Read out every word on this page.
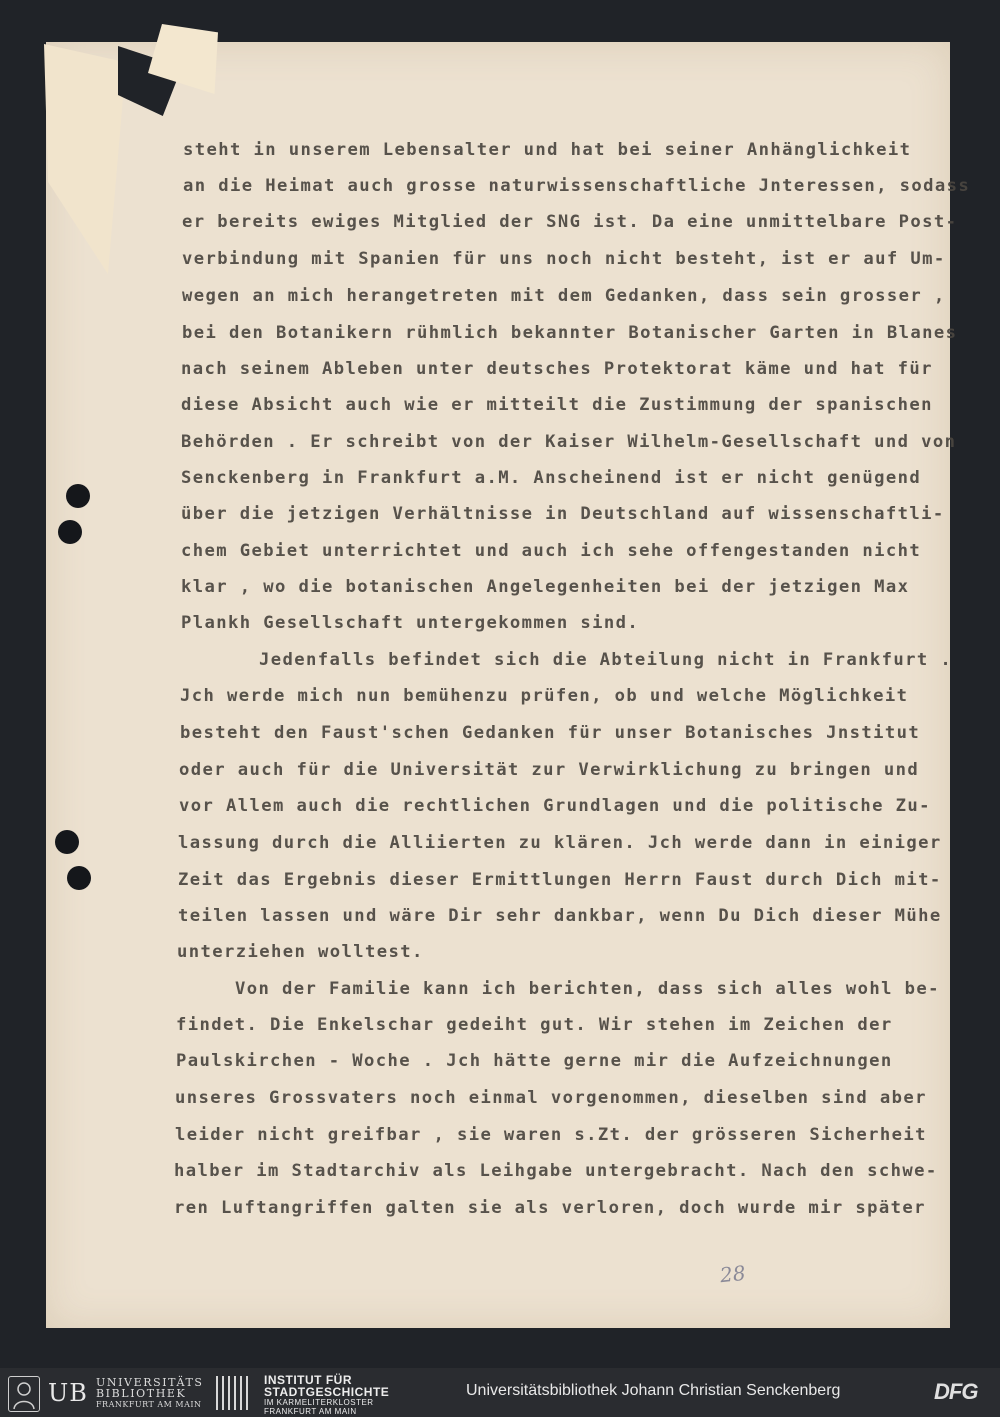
steht in unserem Lebensalter und hat bei seiner Anhänglichkeit
an die Heimat auch grosse naturwissenschaftliche Jnteressen, sodass
er bereits ewiges Mitglied der SNG ist. Da eine unmittelbare Post-
verbindung mit Spanien für uns noch nicht besteht, ist er auf Um-
wegen an mich herangetreten mit dem Gedanken, dass sein grosser ,
bei den Botanikern rühmlich bekannter Botanischer Garten in Blanes
nach seinem Ableben unter deutsches Protektorat käme und hat für
diese Absicht auch wie er mitteilt die Zustimmung der spanischen
Behörden . Er schreibt von der Kaiser Wilhelm-Gesellschaft und von
Senckenberg in Frankfurt a.M. Anscheinend ist er nicht genügend
über die jetzigen Verhältnisse in Deutschland auf wissenschaftli-
chem Gebiet unterrichtet und auch ich sehe offengestanden nicht
klar , wo die botanischen Angelegenheiten bei der jetzigen Max
Plankh Gesellschaft untergekommen sind.
Jedenfalls befindet sich die Abteilung nicht in Frankfurt .
Jch werde mich nun bemühenzu prüfen, ob und welche Möglichkeit
besteht den Faust'schen Gedanken für unser Botanisches Jnstitut
oder auch für die Universität zur Verwirklichung zu bringen und
vor Allem auch die rechtlichen Grundlagen und die politische Zu-
lassung durch die Alliierten zu klären. Jch werde dann in einiger
Zeit das Ergebnis dieser Ermittlungen Herrn Faust durch Dich mit-
teilen lassen und wäre Dir sehr dankbar, wenn Du Dich dieser Mühe
unterziehen wolltest.
Von der Familie kann ich berichten, dass sich alles wohl be-
findet. Die Enkelschar gedeiht gut. Wir stehen im Zeichen der
Paulskirchen - Woche . Jch hätte gerne mir die Aufzeichnungen
unseres Grossvaters noch einmal vorgenommen, dieselben sind aber
leider nicht greifbar , sie waren s.Zt. der grösseren Sicherheit
halber im Stadtarchiv als Leihgabe untergebracht. Nach den schwe-
ren Luftangriffen galten sie als verloren, doch wurde mir später
28
UB UNIVERSITÄTS
BIBLIOTHEK
FRANKFURT AM MAIN
INSTITUT FÜR
STADTGESCHICHTE
IM KARMELITERKLOSTER
FRANKFURT AM MAIN
Universitätsbibliothek Johann Christian Senckenberg	DFG
